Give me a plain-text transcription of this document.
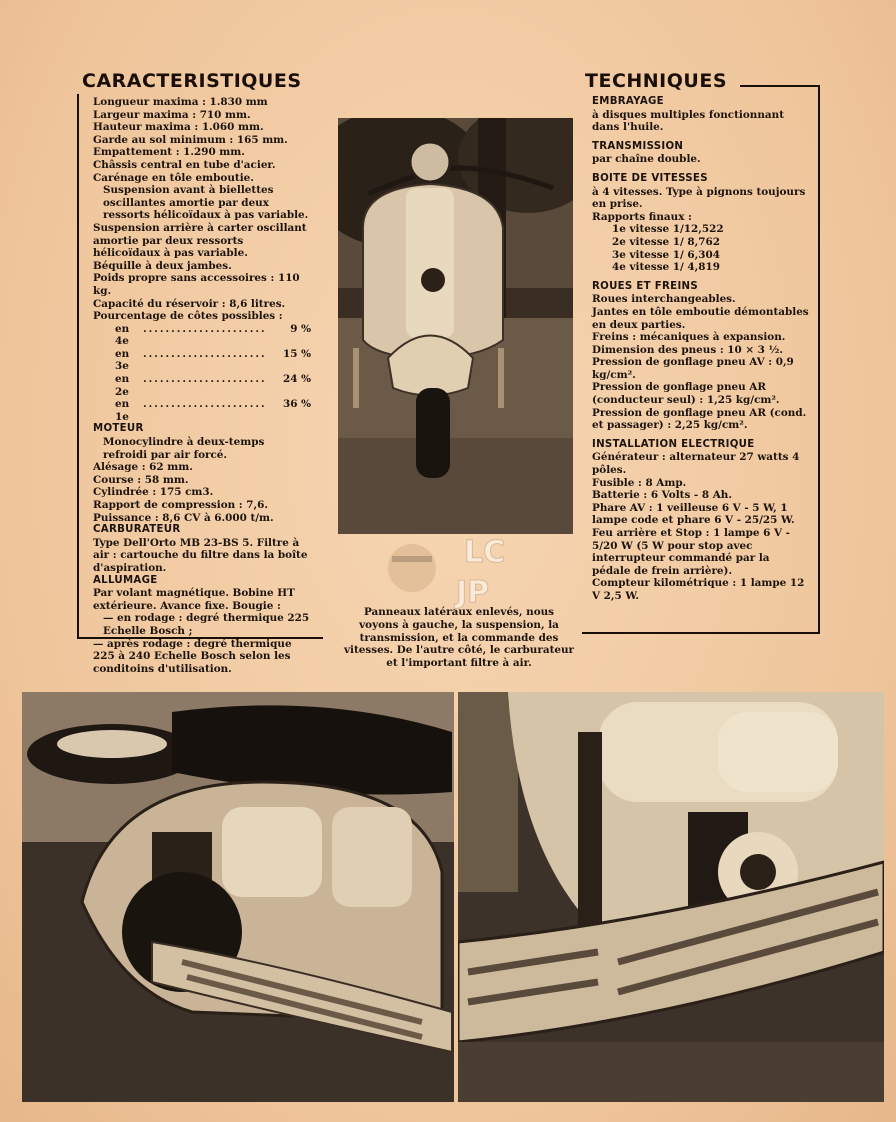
CARACTERISTIQUES

Longueur maxima : 1.830 mm

Largeur maxima : 710 mm.

Hauteur maxima : 1.060 mm.

Garde au sol minimum : 165 mm.

Empattement : 1.290 mm.

Châssis central en tube d'acier.

Carénage en tôle emboutie.

Suspension avant à biellettes oscillantes amortie par deux ressorts hélicoïdaux à pas variable.

Suspension arrière à carter oscillant amortie par deux ressorts hélicoïdaux à pas variable.

Béquille à deux jambes.

Poids propre sans accessoires : 110 kg.

Capacité du réservoir : 8,6 litres.

Pourcentage de côtes possibles :

en 4e
......................	9 %
en 3e
......................	15 %
en 2e
......................	24 %
en 1e
......................	36 %

MOTEUR

Monocylindre à deux-temps refroidi par air forcé.

Alésage : 62 mm.

Course : 58 mm.

Cylindrée : 175 cm3.

Rapport de compression : 7,6.

Puissance : 8,6 CV à 6.000 t/m.

CARBURATEUR

Type Dell'Orto MB 23-BS 5. Filtre à air : cartouche du filtre dans la boîte d'aspiration.

ALLUMAGE

Par volant magnétique. Bobine HT extérieure. Avance fixe. Bougie :

— en rodage : degré thermique 225 Echelle Bosch ;

— après rodage : degré thermique 225 à 240 Echelle Bosch selon les conditoins d'utilisation.

LC
JP
Panneaux latéraux enlevés, nous voyons à gauche, la suspension, la transmission, et la commande des vitesses. De l'autre côté, le carburateur et l'important filtre à air.
TECHNIQUES

EMBRAYAGE

à disques multiples fonctionnant dans l'huile.

TRANSMISSION

par chaîne double.

BOITE DE VITESSES

à 4 vitesses. Type à pignons toujours en prise.

Rapports finaux :

1e vitesse 1/12,522

2e vitesse 1/ 8,762

3e vitesse 1/ 6,304

4e vitesse 1/ 4,819

ROUES ET FREINS

Roues interchangeables.

Jantes en tôle emboutie démontables en deux parties.

Freins : mécaniques à expansion.

Dimension des pneus : 10 × 3 ½.

Pression de gonflage pneu AV : 0,9 kg/cm².

Pression de gonflage pneu AR (conducteur seul) : 1,25 kg/cm².

Pression de gonflage pneu AR (cond. et passager) : 2,25 kg/cm².

INSTALLATION ELECTRIQUE

Générateur : alternateur 27 watts 4 pôles.

Fusible : 8 Amp.

Batterie : 6 Volts - 8 Ah.

Phare AV : 1 veilleuse 6 V - 5 W, 1 lampe code et phare 6 V - 25/25 W.

Feu arrière et Stop : 1 lampe 6 V - 5/20 W (5 W pour stop avec interrupteur commandé par la pédale de frein arrière).

Compteur kilométrique : 1 lampe 12 V 2,5 W.
